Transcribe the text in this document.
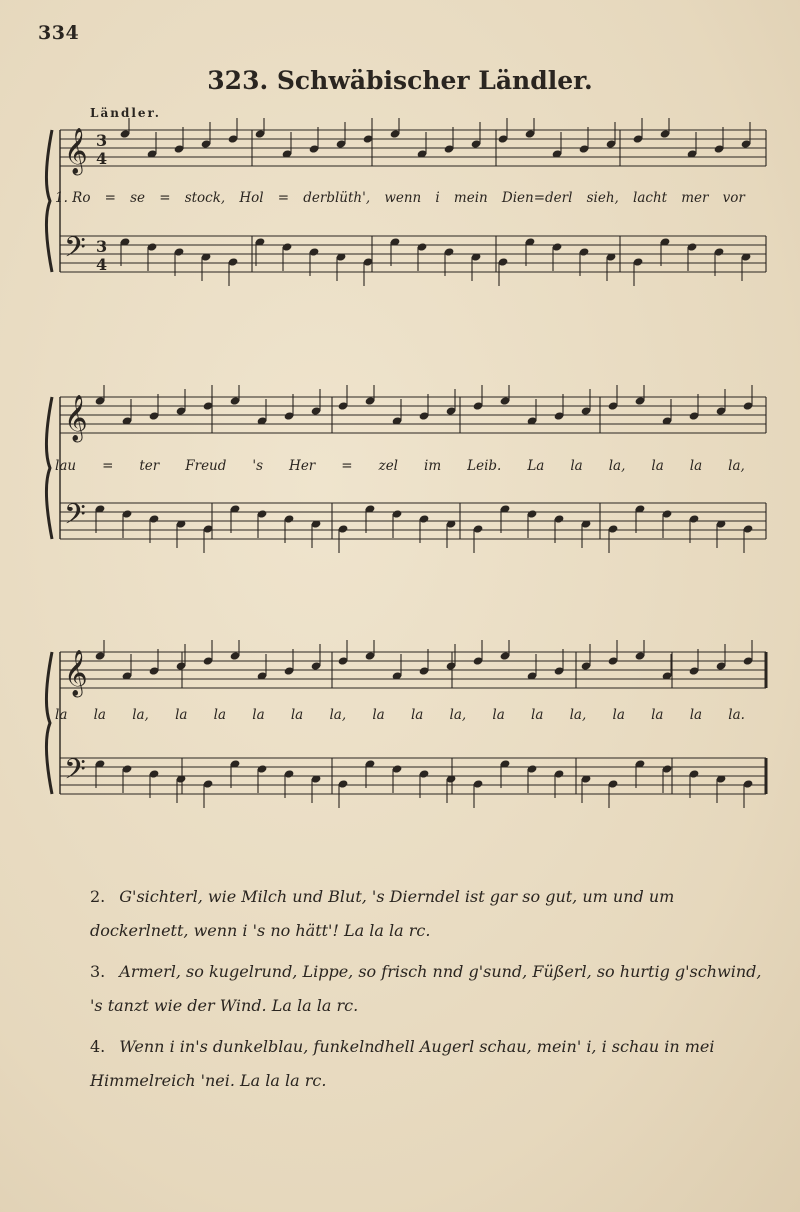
334
323. Schwäbischer Ländler.
Ländler.
𝄞
𝄢
3
4
3
4
1. Ro = se = stock, Hol = derblüth', wenn i mein Dien=derl sieh, lacht mer vor
𝄞
𝄢
lau = ter Freud 's Her = zel im Leib. La la la, la la la,
𝄞
𝄢
la la la, la la la la la, la la la, la la la, la la la la.
2. G'sichterl, wie Milch und Blut, 's Dierndel ist gar so gut, um und um dockerlnett, wenn i 's no hätt'! La la la rc.
3. Armerl, so kugelrund, Lippe, so frisch nnd g'sund, Füßerl, so hurtig g'schwind, 's tanzt wie der Wind. La la la rc.
4. Wenn i in's dunkelblau, funkelndhell Augerl schau, mein' i, i schau in mei Himmelreich 'nei. La la la rc.
